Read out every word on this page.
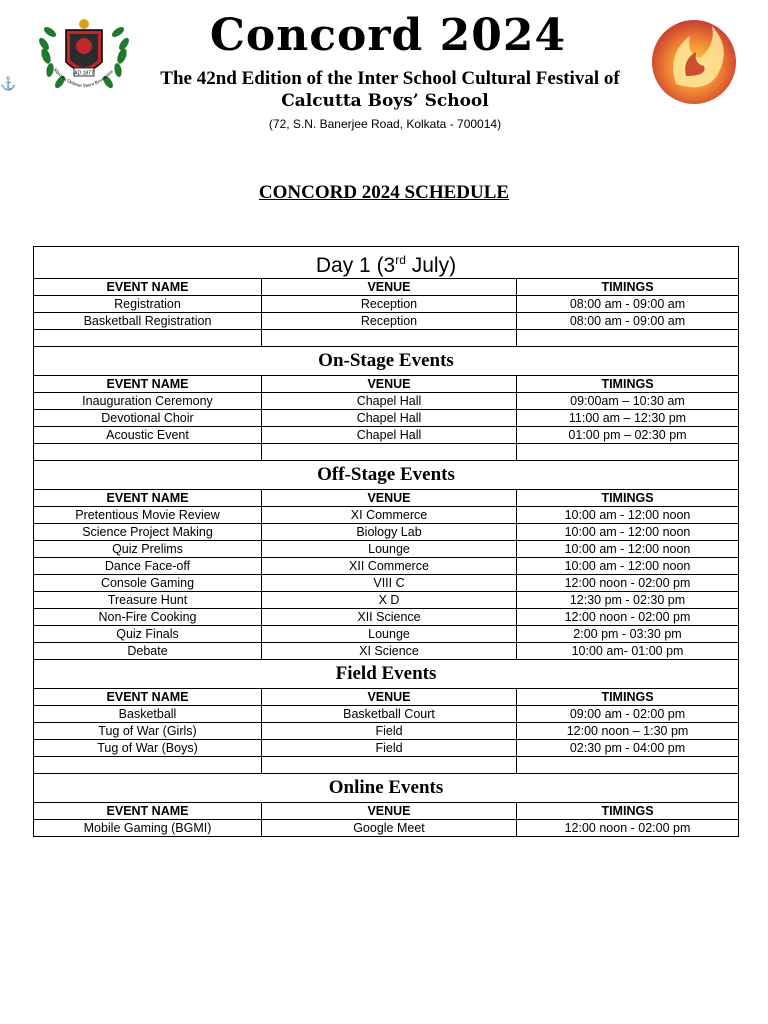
⚓
AD 1877
Maxima Debetur Puero Reverentia
Concord 2024
The 42nd Edition of the Inter School Cultural Festival of
Calcutta Boys’ School
(72, S.N. Banerjee Road, Kolkata - 700014)
CONCORD 2024 SCHEDULE
Day 1 (3rd July)		
EVENT NAME	VENUE	TIMINGS
Registration	Reception	08:00 am - 09:00 am
Basketball Registration	Reception	08:00 am - 09:00 am

On-Stage Events		
EVENT NAME	VENUE	TIMINGS
Inauguration Ceremony	Chapel Hall	09:00am – 10:30 am
Devotional Choir	Chapel Hall	11:00 am – 12:30 pm
Acoustic Event	Chapel Hall	01:00 pm – 02:30 pm

Off-Stage Events		
EVENT NAME	VENUE	TIMINGS
Pretentious Movie Review	XI Commerce	10:00 am - 12:00 noon
Science Project Making	Biology Lab	10:00 am - 12:00 noon
Quiz Prelims	Lounge	10:00 am - 12:00 noon
Dance Face-off	XII Commerce	10:00 am - 12:00 noon
Console Gaming	VIII C	12:00 noon - 02:00 pm
Treasure Hunt	X D	12:30 pm - 02:30 pm
Non-Fire Cooking	XII Science	12:00 noon - 02:00 pm
Quiz Finals	Lounge	2:00 pm - 03:30 pm
Debate	XI Science	10:00 am- 01:00 pm
Field Events		
EVENT NAME	VENUE	TIMINGS
Basketball	Basketball Court	09:00 am - 02:00 pm
Tug of War (Girls)	Field	12:00 noon – 1:30 pm
Tug of War (Boys)	Field	02:30 pm - 04:00 pm

Online Events		
EVENT NAME	VENUE	TIMINGS
Mobile Gaming (BGMI)	Google Meet	12:00 noon - 02:00 pm
